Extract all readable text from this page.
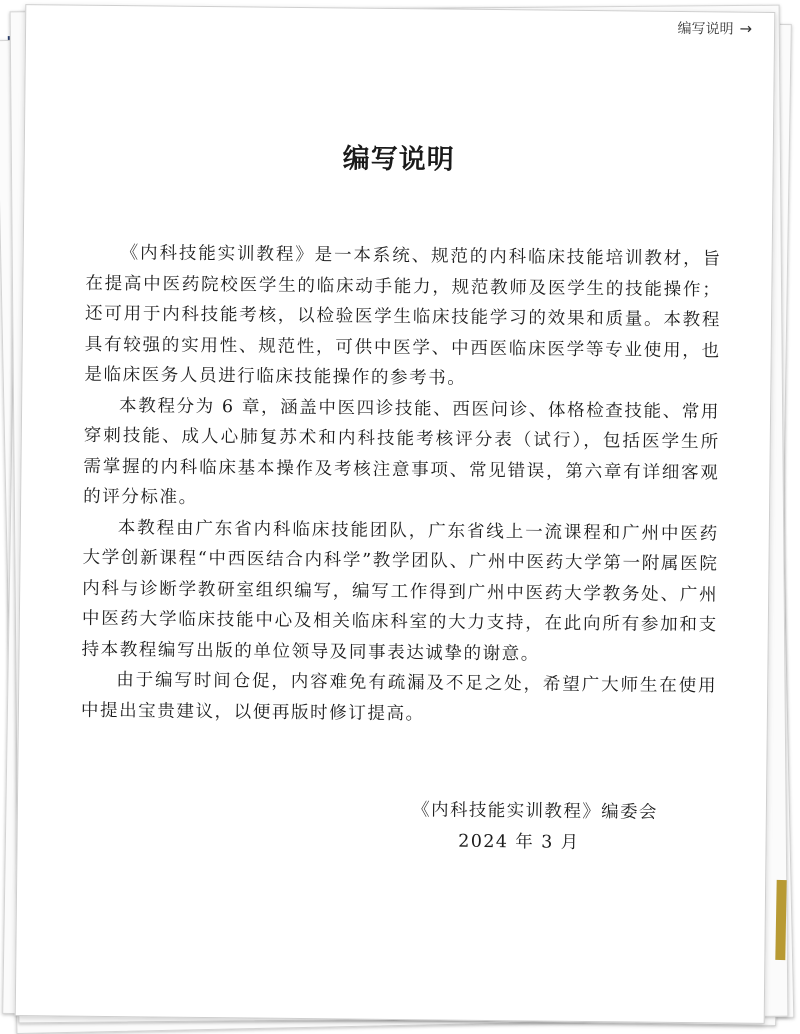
编写说明 →
编写说明

《内科技能实训教程》是一本系统、规范的内科临床技能培训教材，旨在提高中医药院校医学生的临床动手能力，规范教师及医学生的技能操作；还可用于内科技能考核，以检验医学生临床技能学习的效果和质量。本教程具有较强的实用性、规范性，可供中医学、中西医临床医学等专业使用，也是临床医务人员进行临床技能操作的参考书。

本教程分为 6 章，涵盖中医四诊技能、西医问诊、体格检查技能、常用穿刺技能、成人心肺复苏术和内科技能考核评分表（试行），包括医学生所需掌握的内科临床基本操作及考核注意事项、常见错误，第六章有详细客观的评分标准。

本教程由广东省内科临床技能团队，广东省线上一流课程和广州中医药大学创新课程“中西医结合内科学”教学团队、广州中医药大学第一附属医院内科与诊断学教研室组织编写，编写工作得到广州中医药大学教务处、广州中医药大学临床技能中心及相关临床科室的大力支持，在此向所有参加和支持本教程编写出版的单位领导及同事表达诚挚的谢意。

由于编写时间仓促，内容难免有疏漏及不足之处，希望广大师生在使用中提出宝贵建议，以便再版时修订提高。

《内科技能实训教程》编委会
2024 年 3 月
